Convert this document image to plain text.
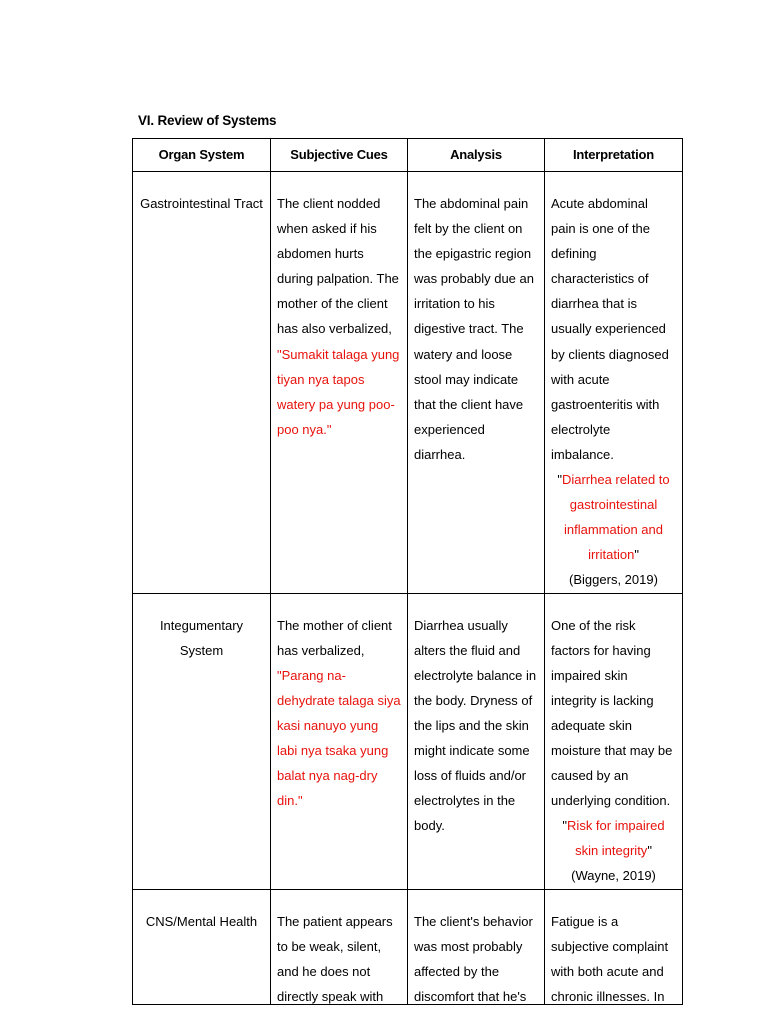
VI. Review of Systems
Organ System	Subjective Cues	Analysis	Interpretation
Gastrointestinal Tract	The client nodded when asked if his abdomen hurts during palpation. The mother of the client has also verbalized, "Sumakit talaga yung tiyan nya tapos watery pa yung poo-poo nya."	The abdominal pain felt by the client on the epigastric region was probably due an irritation to his digestive tract. The watery and loose stool may indicate that the client have experienced diarrhea.	Acute abdominal pain is one of the defining characteristics of diarrhea that is usually experienced by clients diagnosed with acute gastroenteritis with electrolyte imbalance.
"Diarrhea related to gastrointestinal inflammation and irritation"
(Biggers, 2019)

Integumentary System	The mother of client has verbalized, "Parang na-dehydrate talaga siya kasi nanuyo yung labi nya tsaka yung balat nya nag-dry din."	Diarrhea usually alters the fluid and electrolyte balance in the body. Dryness of the lips and the skin might indicate some loss of fluids and/or electrolytes in the body.	One of the risk factors for having impaired skin integrity is lacking adequate skin moisture that may be caused by an underlying condition.
"Risk for impaired skin integrity"
(Wayne, 2019)

CNS/Mental Health	The patient appears to be weak, silent, and he does not directly speak with	The client's behavior was most probably affected by the discomfort that he's	Fatigue is a subjective complaint with both acute and chronic illnesses. In
